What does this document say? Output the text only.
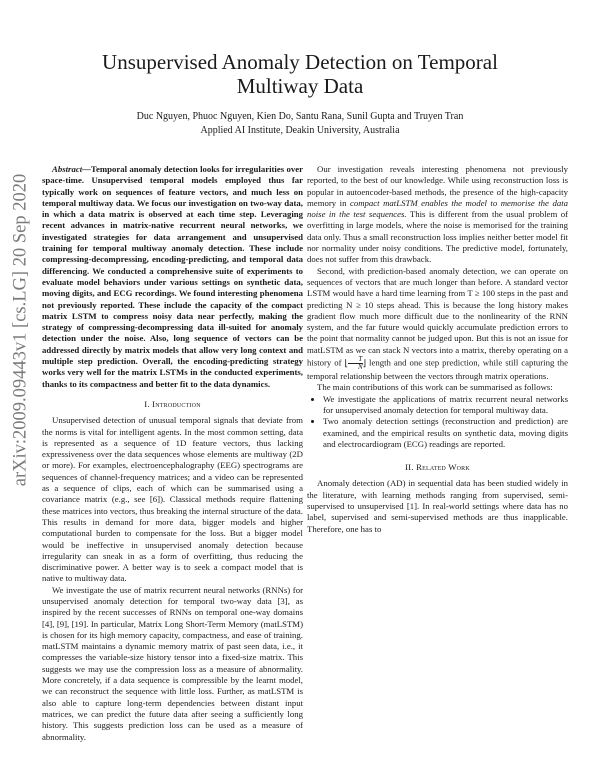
Unsupervised Anomaly Detection on Temporal
Multiway Data
Duc Nguyen, Phuoc Nguyen, Kien Do, Santu Rana, Sunil Gupta and Truyen Tran
Applied AI Institute, Deakin University, Australia
arXiv:2009.09443v1 [cs.LG] 20 Sep 2020

Abstract—Temporal anomaly detection looks for irregularities over space-time. Unsupervised temporal models employed thus far typically work on sequences of feature vectors, and much less on temporal multiway data. We focus our investigation on two-way data, in which a data matrix is observed at each time step. Leveraging recent advances in matrix-native recurrent neural networks, we investigated strategies for data arrangement and unsupervised training for temporal multiway anomaly detection. These include compressing-decompressing, encoding-predicting, and temporal data differencing. We conducted a comprehensive suite of experiments to evaluate model behaviors under various settings on synthetic data, moving digits, and ECG recordings. We found interesting phenomena not previously reported. These include the capacity of the compact matrix LSTM to compress noisy data near perfectly, making the strategy of compressing-decompressing data ill-suited for anomaly detection under the noise. Also, long sequence of vectors can be addressed directly by matrix models that allow very long context and multiple step prediction. Overall, the encoding-predicting strategy works very well for the matrix LSTMs in the conducted experiments, thanks to its compactness and better fit to the data dynamics.

I. Introduction

Unsupervised detection of unusual temporal signals that deviate from the norms is vital for intelligent agents. In the most common setting, data is represented as a sequence of 1D feature vectors, thus lacking expressiveness over the data sequences whose elements are multiway (2D or more). For examples, electroencephalography (EEG) spectrograms are sequences of channel-frequency matrices; and a video can be represented as a sequence of clips, each of which can be summarised using a covariance matrix (e.g., see [6]). Classical methods require flattening these matrices into vectors, thus breaking the internal structure of the data. This results in demand for more data, bigger models and higher computational burden to compensate for the loss. But a bigger model would be ineffective in unsupervised anomaly detection because irregularity can sneak in as a form of overfitting, thus reducing the discriminative power. A better way is to seek a compact model that is native to multiway data.

We investigate the use of matrix recurrent neural networks (RNNs) for unsupervised anomaly detection for temporal two-way data [3], as inspired by the recent successes of RNNs on temporal one-way domains [4], [9], [19]. In particular, Matrix Long Short-Term Memory (matLSTM) is chosen for its high memory capacity, compactness, and ease of training. matLSTM maintains a dynamic memory matrix of past seen data, i.e., it compresses the variable-size history tensor into a fixed-size matrix. This suggests we may use the compression loss as a measure of abnormality. More concretely, if a data sequence is compressible by the learnt model, we can reconstruct the sequence with little loss. Further, as matLSTM is also able to capture long-term dependencies between distant input matrices, we can predict the future data after seeing a sufficiently long history. This suggests prediction loss can be used as a measure of abnormality.

Our investigation reveals interesting phenomena not previously reported, to the best of our knowledge. While using reconstruction loss is popular in autoencoder-based methods, the presence of the high-capacity memory in compact matLSTM enables the model to memorise the data noise in the test sequences. This is different from the usual problem of overfitting in large models, where the noise is memorised for the training data only. Thus a small reconstruction loss implies neither better model fit nor normality under noisy conditions. The predictive model, fortunately, does not suffer from this drawback.

Second, with prediction-based anomaly detection, we can operate on sequences of vectors that are much longer than before. A standard vector LSTM would have a hard time learning from T ≥ 100 steps in the past and predicting N ≥ 10 steps ahead. This is because the long history makes gradient flow much more difficult due to the nonlinearity of the RNN system, and the far future would quickly accumulate prediction errors to the point that normality cannot be judged upon. But this is not an issue for matLSTM as we can stack N vectors into a matrix, thereby operating on a history of ⌊ $\frac{T}{N}$ ⌋ length and one step prediction, while still capturing the temporal relationship between the vectors through matrix operations.

The main contributions of this work can be summarised as follows:

• We investigate the applications of matrix recurrent neural networks for unsupervised anomaly detection for temporal multiway data.
• Two anomaly detection settings (reconstruction and prediction) are examined, and the empirical results on synthetic data, moving digits and electrocardiogram (ECG) readings are reported.
II. Related Work

Anomaly detection (AD) in sequential data has been studied widely in the literature, with learning methods ranging from supervised, semi-supervised to unsupervised [1]. In real-world settings where data has no label, supervised and semi-supervised methods are thus inapplicable. Therefore, one has to
